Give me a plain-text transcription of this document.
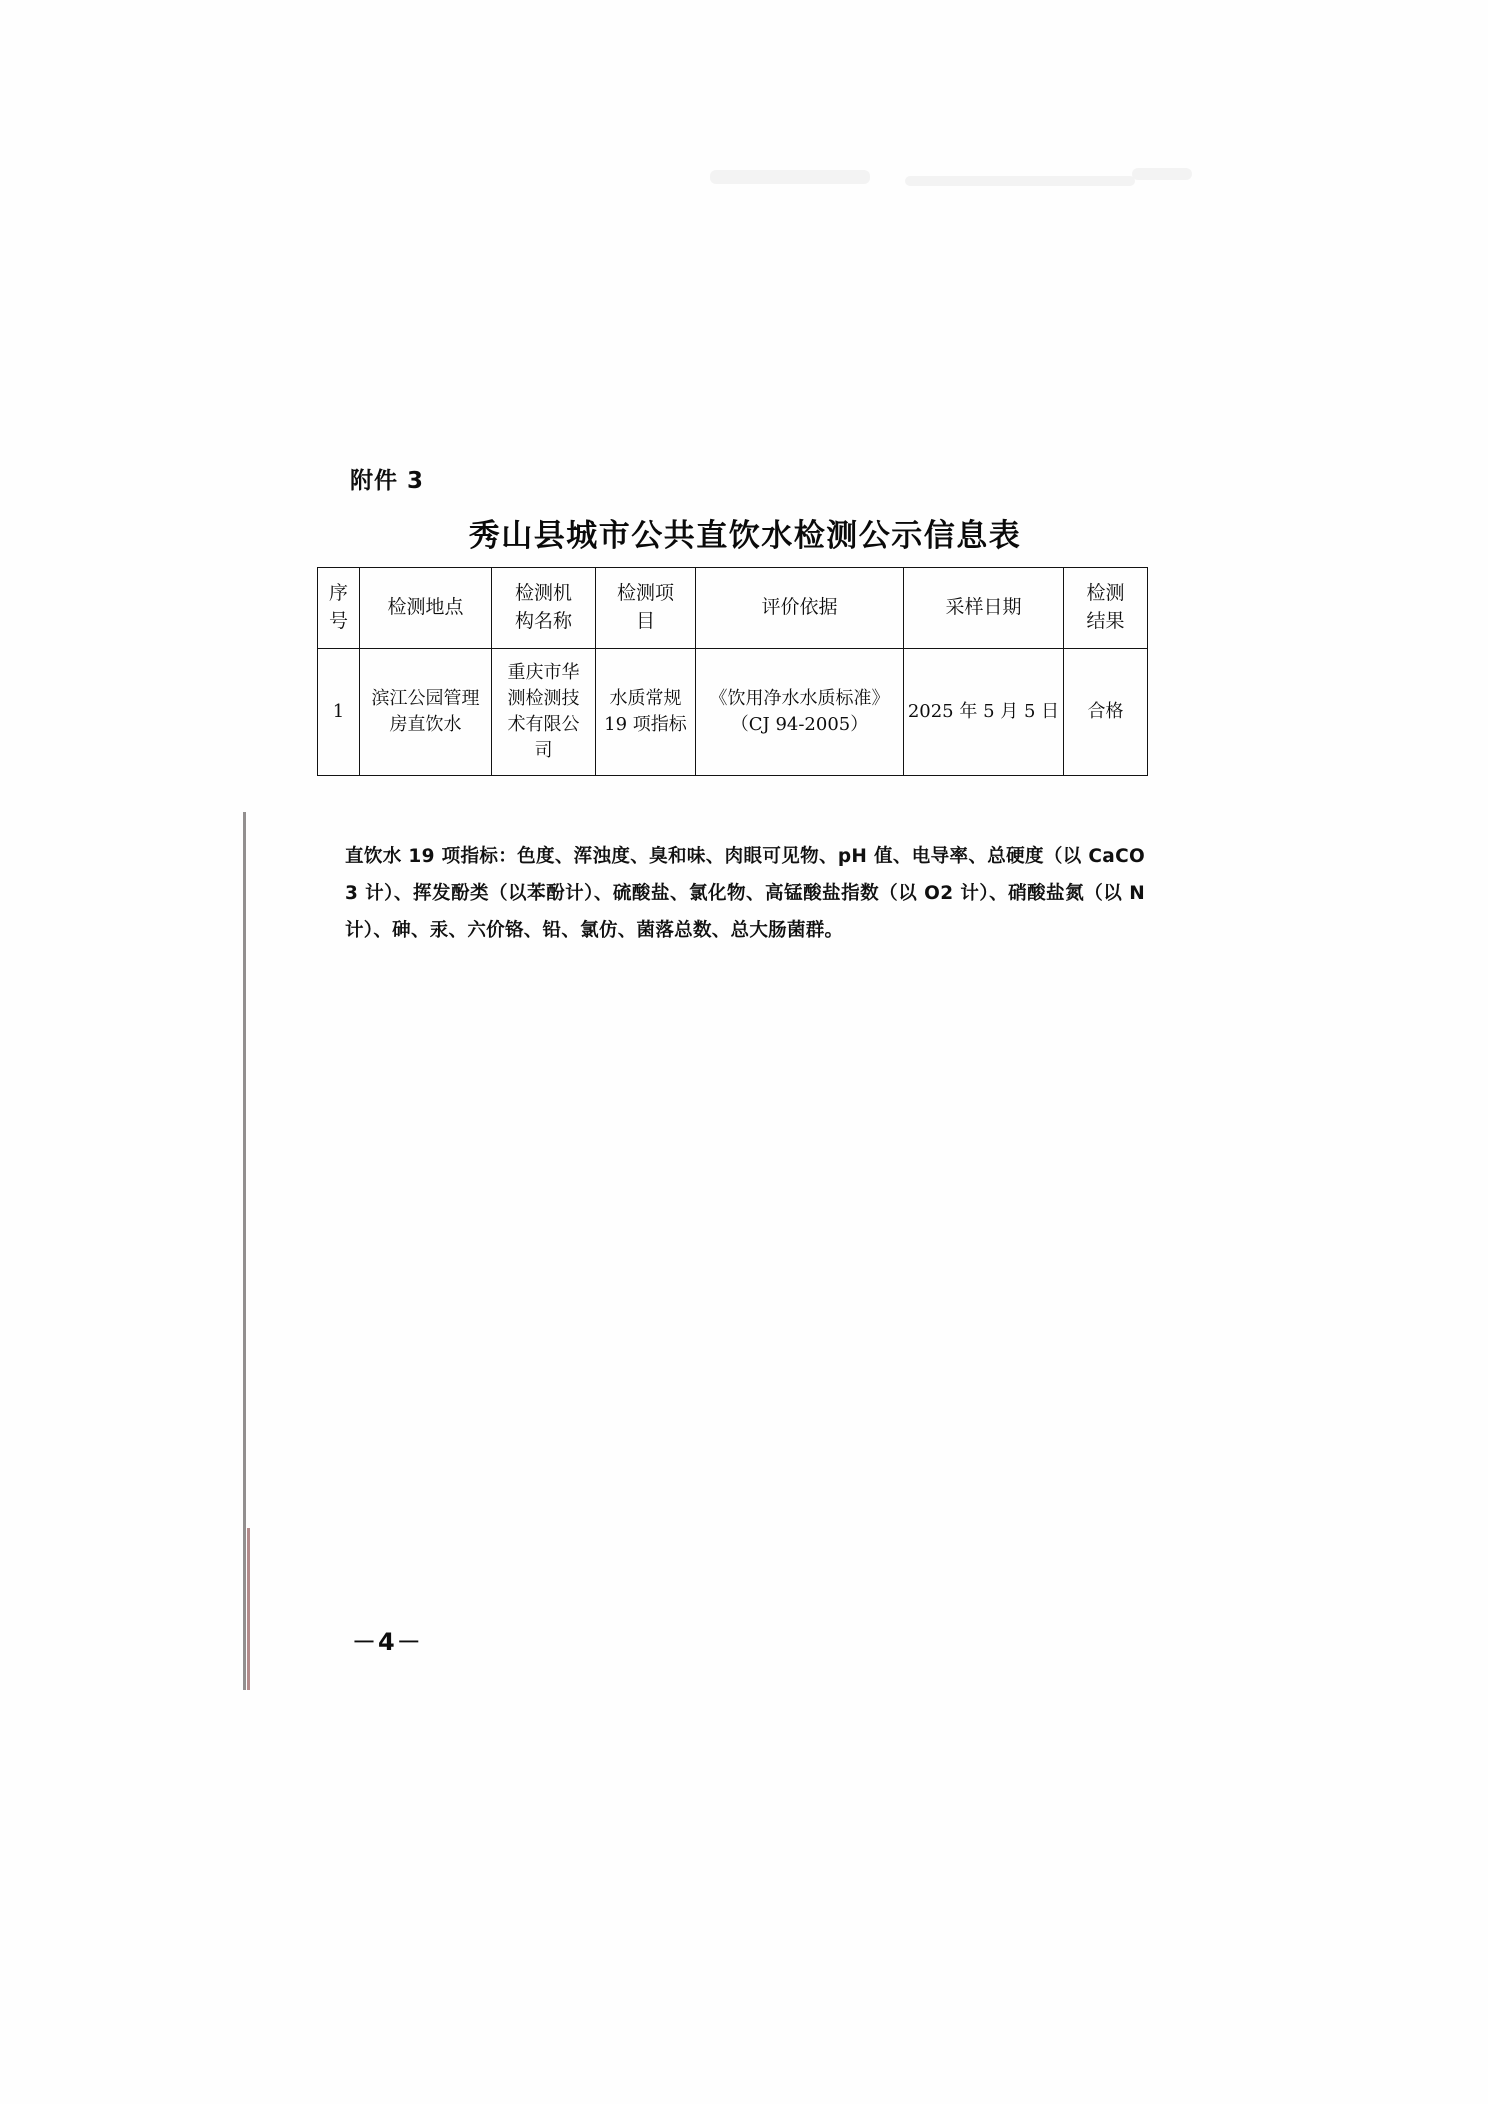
附件 3
秀山县城市公共直饮水检测公示信息表
序
号	检测地点	检测机
构名称	检测项
目	评价依据	采样日期	检测
结果

1	滨江公园管理
房直饮水	重庆市华
测检测技
术有限公
司	水质常规
19 项指标	《饮用净水水质标准》 （CJ 94-2005）	2025 年 5 月 5 日	合格
直饮水 19 项指标：色度、浑浊度、臭和味、肉眼可见物、pH 值、电导率、总硬度（以 CaCO 3 计）、挥发酚类（以苯酚计）、硫酸盐、氯化物、高锰酸盐指数（以 O2 计）、硝酸盐氮（以 N 计）、砷、汞、六价铬、铅、氯仿、菌落总数、总大肠菌群。
－4－
